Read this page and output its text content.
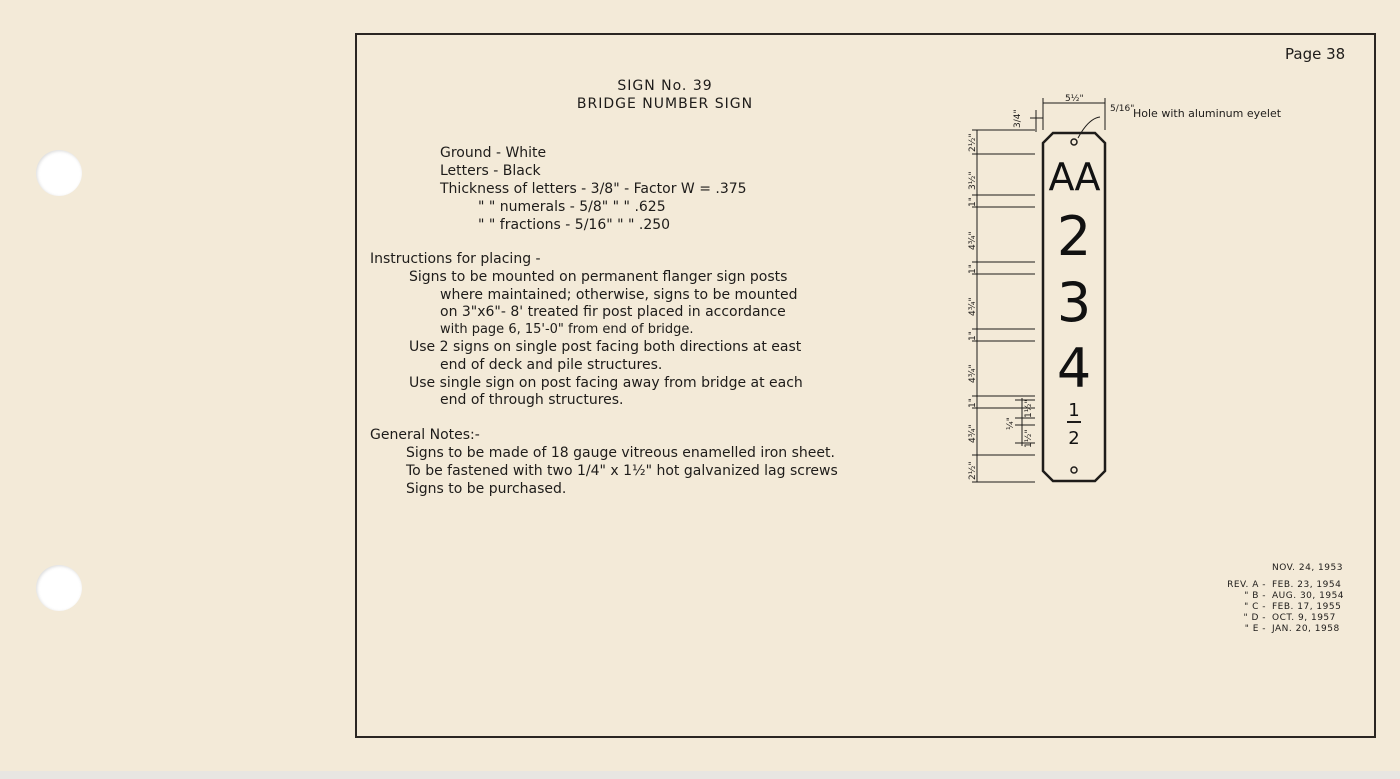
Page 38
SIGN No. 39
BRIDGE NUMBER SIGN
Ground - White
Letters - Black
Thickness of letters - 3/8" - Factor W = .375
" " numerals - 5/8" " " .625
" " fractions - 5/16" " " .250
Instructions for placing -
Signs to be mounted on permanent flanger sign posts
where maintained; otherwise, signs to be mounted
on 3"x6"- 8' treated fir post placed in accordance
with page 6, 15'-0" from end of bridge.
Use 2 signs on single post facing both directions at east
end of deck and pile structures.
Use single sign on post facing away from bridge at each
end of through structures.
General Notes:-
Signs to be made of 18 gauge vitreous enamelled iron sheet.
To be fastened with two 1/4" x 1½" hot galvanized lag screws
Signs to be purchased.
AA
2
3
4
1
2
5½"
5/16"
Hole with aluminum eyelet
3/4"
2½"
3½"
1"
4¾"
1"
4¾"
1"
4¾"
1"
4¾"
2½"
1½"
¼"
1½"
NOV. 24, 1953
REV. A - FEB. 23, 1954
" B - AUG. 30, 1954
" C - FEB. 17, 1955
" D - OCT. 9, 1957
" E - JAN. 20, 1958
